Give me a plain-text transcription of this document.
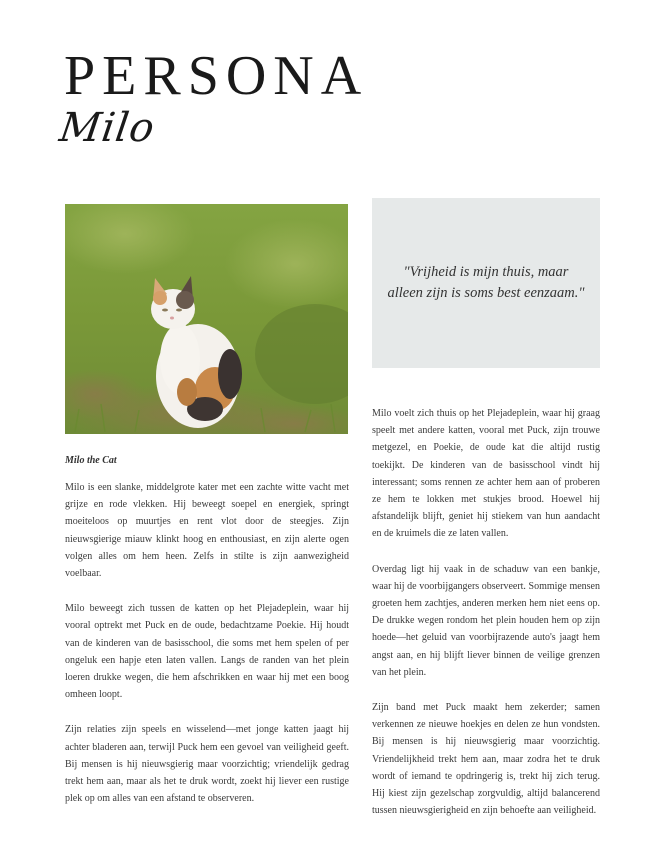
PERSONA
Milo

"Vrijheid is mijn thuis, maar alleen zijn is soms best eenzaam."

Milo the Cat

Milo is een slanke, middelgrote kater met een zachte witte vacht met grijze en rode vlekken. Hij beweegt soepel en energiek, springt moeiteloos op muurtjes en rent vlot door de steegjes. Zijn nieuwsgierige miauw klinkt hoog en enthousiast, en zijn alerte ogen volgen alles om hem heen. Zelfs in stilte is zijn aanwezigheid voelbaar.

Milo beweegt zich tussen de katten op het Plejadeplein, waar hij vooral optrekt met Puck en de oude, bedachtzame Poekie. Hij houdt van de kinderen van de basisschool, die soms met hem spelen of per ongeluk een hapje eten laten vallen. Langs de randen van het plein loeren drukke wegen, die hem afschrikken en waar hij met een boog omheen loopt.

Zijn relaties zijn speels en wisselend—met jonge katten jaagt hij achter bladeren aan, terwijl Puck hem een gevoel van veiligheid geeft. Bij mensen is hij nieuwsgierig maar voorzichtig; vriendelijk gedrag trekt hem aan, maar als het te druk wordt, zoekt hij liever een rustige plek op om alles van een afstand te observeren.

Milo voelt zich thuis op het Plejadeplein, waar hij graag speelt met andere katten, vooral met Puck, zijn trouwe metgezel, en Poekie, de oude kat die altijd rustig toekijkt. De kinderen van de basisschool vindt hij interessant; soms rennen ze achter hem aan of proberen ze hem te lokken met stukjes brood. Hoewel hij afstandelijk blijft, geniet hij stiekem van hun aandacht en de kruimels die ze laten vallen.

Overdag ligt hij vaak in de schaduw van een bankje, waar hij de voorbijgangers observeert. Sommige mensen groeten hem zachtjes, anderen merken hem niet eens op. De drukke wegen rondom het plein houden hem op zijn hoede—het geluid van voorbijrazende auto's jaagt hem angst aan, en hij blijft liever binnen de veilige grenzen van het plein.

Zijn band met Puck maakt hem zekerder; samen verkennen ze nieuwe hoekjes en delen ze hun vondsten. Bij mensen is hij nieuwsgierig maar voorzichtig. Vriendelijkheid trekt hem aan, maar zodra het te druk wordt of iemand te opdringerig is, trekt hij zich terug. Hij kiest zijn gezelschap zorgvuldig, altijd balancerend tussen nieuwsgierigheid en zijn behoefte aan veiligheid.
